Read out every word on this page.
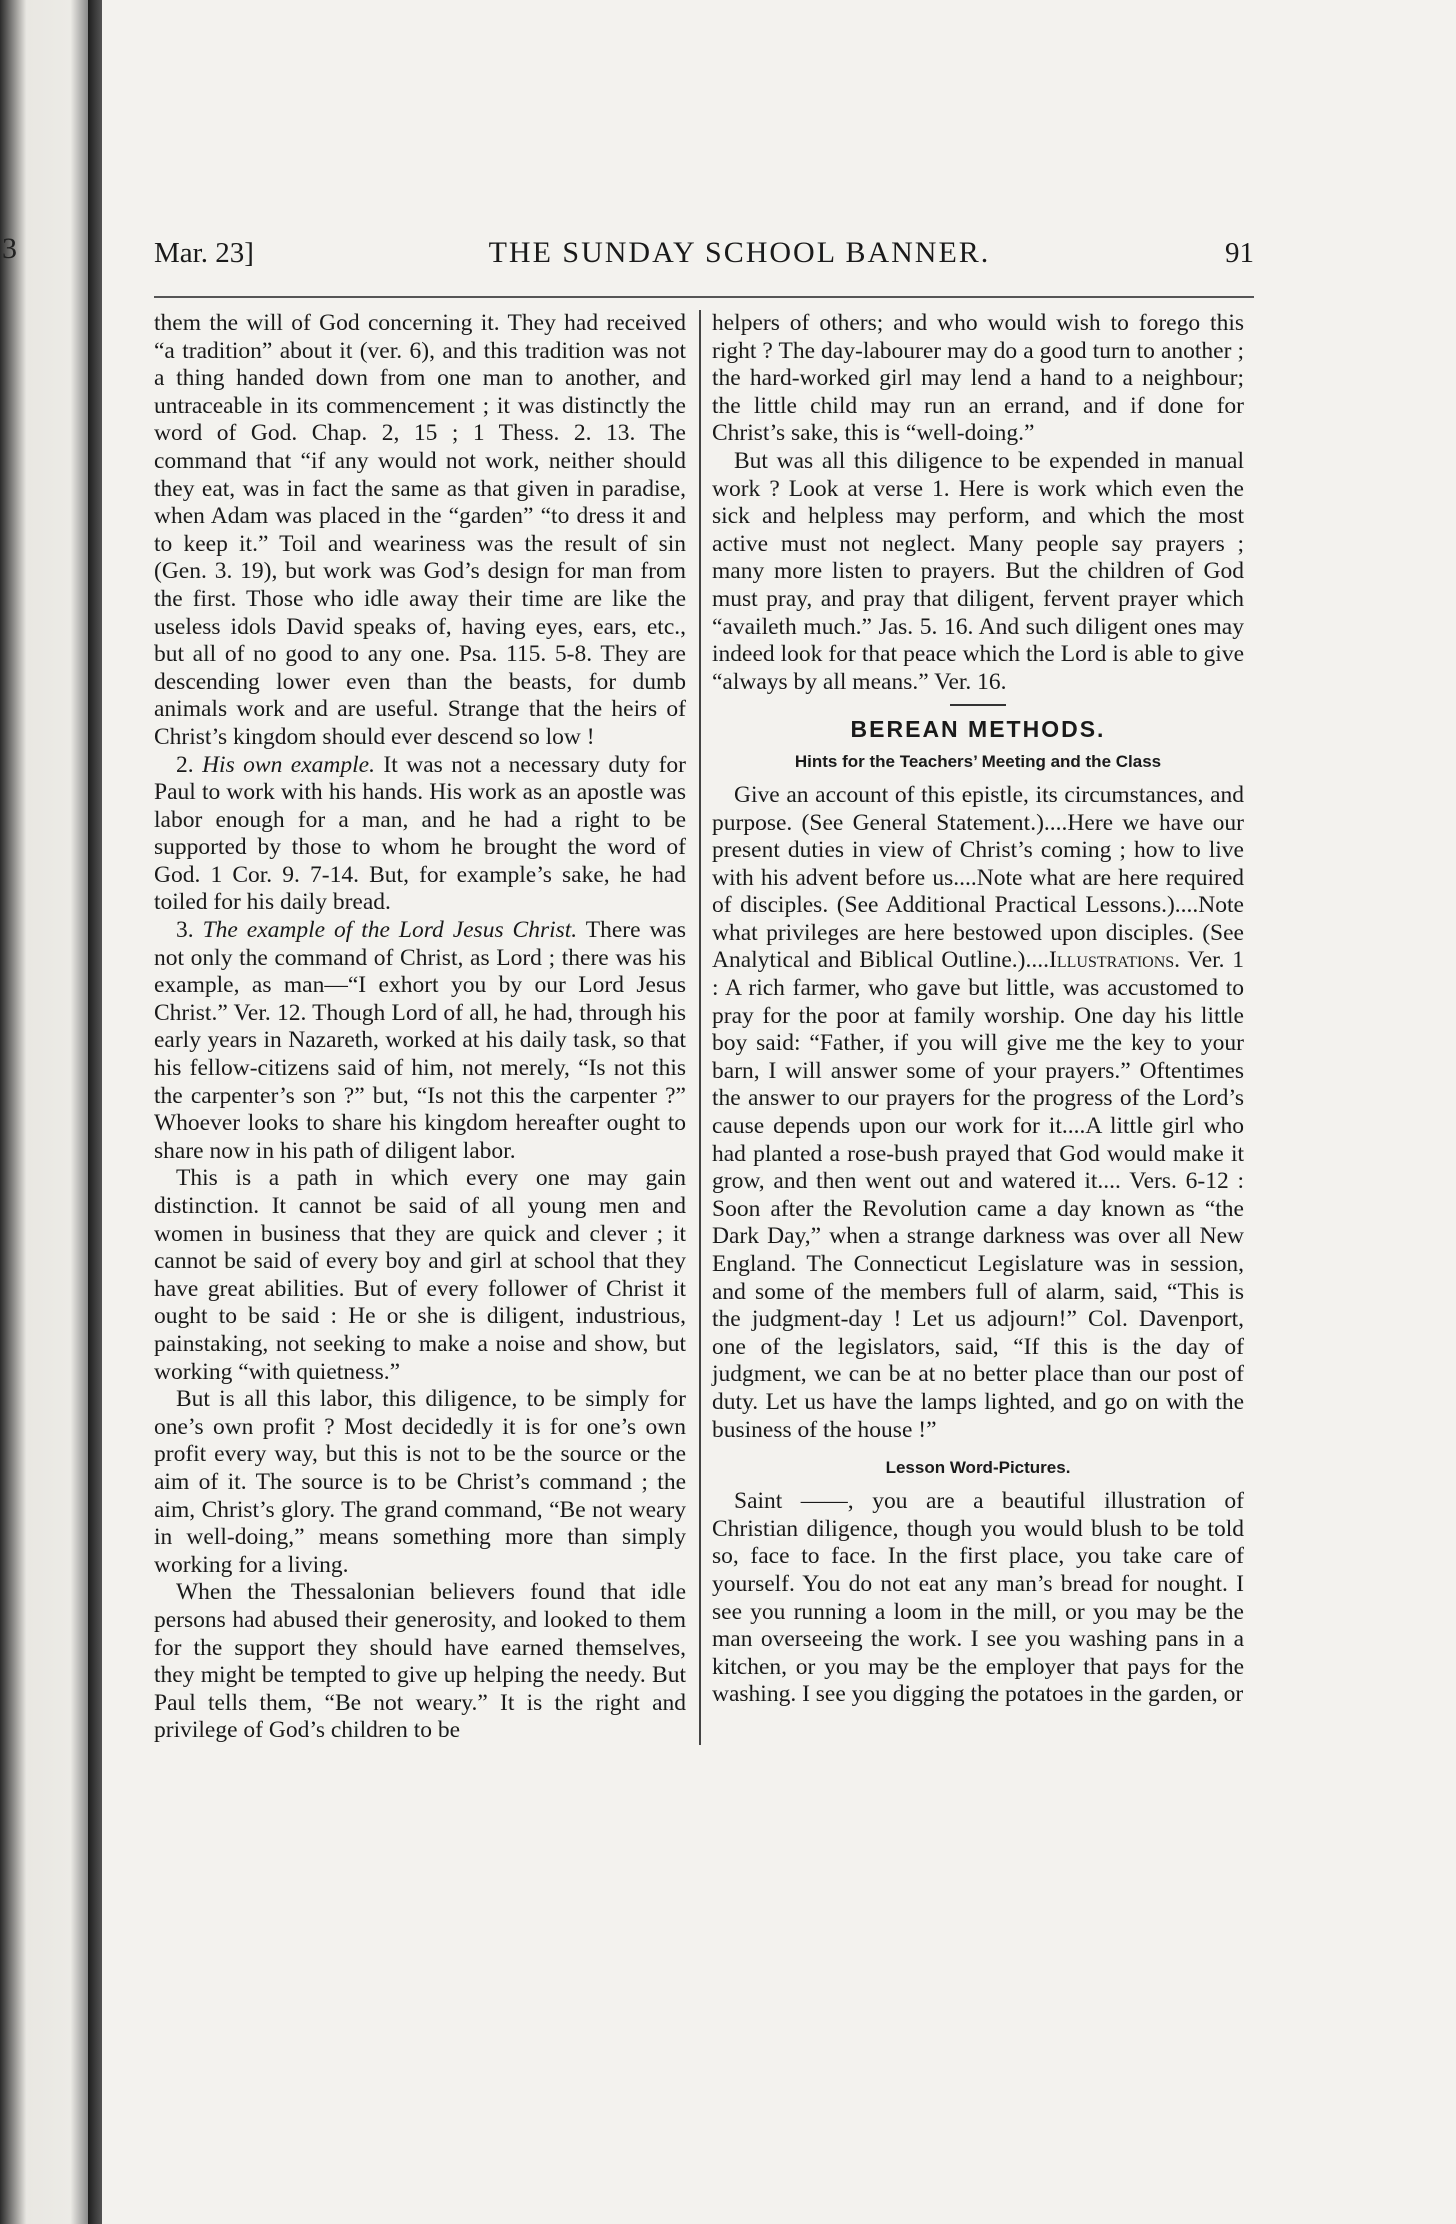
3	Mar. 23]	THE SUNDAY SCHOOL BANNER.	91

them the will of God concerning it. They had received “a tradition” about it (ver. 6), and this tradition was not a thing handed down from one man to another, and untraceable in its commencement ; it was distinctly the word of God. Chap. 2, 15 ; 1 Thess. 2. 13. The command that “if any would not work, neither should they eat, was in fact the same as that given in paradise, when Adam was placed in the “garden” “to dress it and to keep it.” Toil and weariness was the result of sin (Gen. 3. 19), but work was God’s design for man from the first. Those who idle away their time are like the useless idols David speaks of, having eyes, ears, etc., but all of no good to any one. Psa. 115. 5-8. They are descending lower even than the beasts, for dumb animals work and are useful. Strange that the heirs of Christ’s kingdom should ever descend so low !

2. His own example. It was not a necessary duty for Paul to work with his hands. His work as an apostle was labor enough for a man, and he had a right to be supported by those to whom he brought the word of God. 1 Cor. 9. 7-14. But, for example’s sake, he had toiled for his daily bread.

3. The example of the Lord Jesus Christ. There was not only the command of Christ, as Lord ; there was his example, as man—“I exhort you by our Lord Jesus Christ.” Ver. 12. Though Lord of all, he had, through his early years in Nazareth, worked at his daily task, so that his fellow-citizens said of him, not merely, “Is not this the carpenter’s son ?” but, “Is not this the carpenter ?” Whoever looks to share his kingdom hereafter ought to share now in his path of diligent labor.

This is a path in which every one may gain distinction. It cannot be said of all young men and women in business that they are quick and clever ; it cannot be said of every boy and girl at school that they have great abilities. But of every follower of Christ it ought to be said : He or she is diligent, industrious, painstaking, not seeking to make a noise and show, but working “with quietness.”

But is all this labor, this diligence, to be simply for one’s own profit ? Most decidedly it is for one’s own profit every way, but this is not to be the source or the aim of it. The source is to be Christ’s command ; the aim, Christ’s glory. The grand command, “Be not weary in well-doing,” means something more than simply working for a living.

When the Thessalonian believers found that idle persons had abused their generosity, and looked to them for the support they should have earned themselves, they might be tempted to give up helping the needy. But Paul tells them, “Be not weary.” It is the right and privilege of God’s children to be

helpers of others; and who would wish to forego this right ? The day-labourer may do a good turn to another ; the hard-worked girl may lend a hand to a neighbour; the little child may run an errand, and if done for Christ’s sake, this is “well-doing.”

But was all this diligence to be expended in manual work ? Look at verse 1. Here is work which even the sick and helpless may perform, and which the most active must not neglect. Many people say prayers ; many more listen to prayers. But the children of God must pray, and pray that diligent, fervent prayer which “availeth much.” Jas. 5. 16. And such diligent ones may indeed look for that peace which the Lord is able to give “always by all means.” Ver. 16.

BEREAN METHODS.
Hints for the Teachers’ Meeting and the Class

Give an account of this epistle, its circumstances, and purpose. (See General Statement.)....Here we have our present duties in view of Christ’s coming ; how to live with his advent before us....Note what are here required of disciples. (See Additional Practical Lessons.)....Note what privileges are here bestowed upon disciples. (See Analytical and Biblical Outline.)....Illustrations. Ver. 1 : A rich farmer, who gave but little, was accustomed to pray for the poor at family worship. One day his little boy said: “Father, if you will give me the key to your barn, I will answer some of your prayers.” Oftentimes the answer to our prayers for the progress of the Lord’s cause depends upon our work for it....A little girl who had planted a rose-bush prayed that God would make it grow, and then went out and watered it.... Vers. 6-12 : Soon after the Revolution came a day known as “the Dark Day,” when a strange darkness was over all New England. The Connecticut Legislature was in session, and some of the members full of alarm, said, “This is the judgment-day ! Let us adjourn!” Col. Davenport, one of the legislators, said, “If this is the day of judgment, we can be at no better place than our post of duty. Let us have the lamps lighted, and go on with the business of the house !”

Lesson Word-Pictures.

Saint ——, you are a beautiful illustration of Christian diligence, though you would blush to be told so, face to face. In the first place, you take care of yourself. You do not eat any man’s bread for nought. I see you running a loom in the mill, or you may be the man overseeing the work. I see you washing pans in a kitchen, or you may be the employer that pays for the washing. I see you digging the potatoes in the garden, or
